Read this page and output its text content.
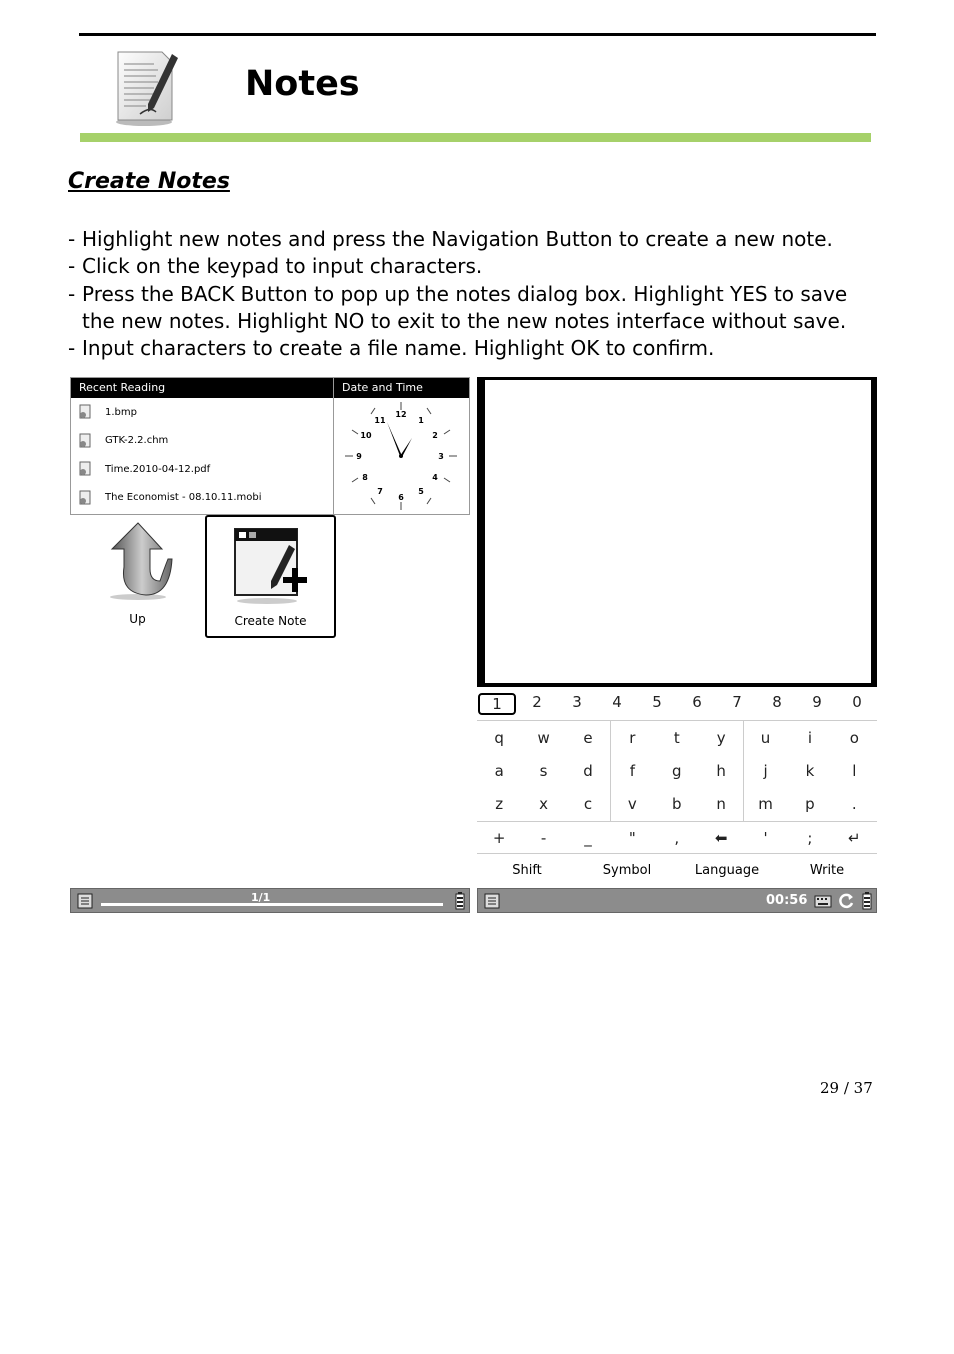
Notes
Create Notes
- Highlight new notes and press the Navigation Button to create a new note.
- Click on the keypad to input characters.
- Press the BACK Button to pop up the notes dialog box. Highlight YES to save the new notes. Highlight NO to exit to the new notes interface without save.
- Input characters to create a file name. Highlight OK to confirm.
Recent Reading
1.bmp
GTK-2.2.chm
Time.2010-04-12.pdf
The Economist - 08.10.11.mobi
Date and Time
12
1
2
3
4
5
6
7
8
9
10
11
Up	Create Note
1/1
1	2	3	4	5	6	7	8	9	0
q	w	e	r	t	y	u	i	o
a	s	d	f	g	h	j	k	l
z	x	c	v	b	n	m	p	.
+	-	_	"	,	⬅	'	;	↵
Shift	Symbol	Language	Write
00:56
29 / 37
